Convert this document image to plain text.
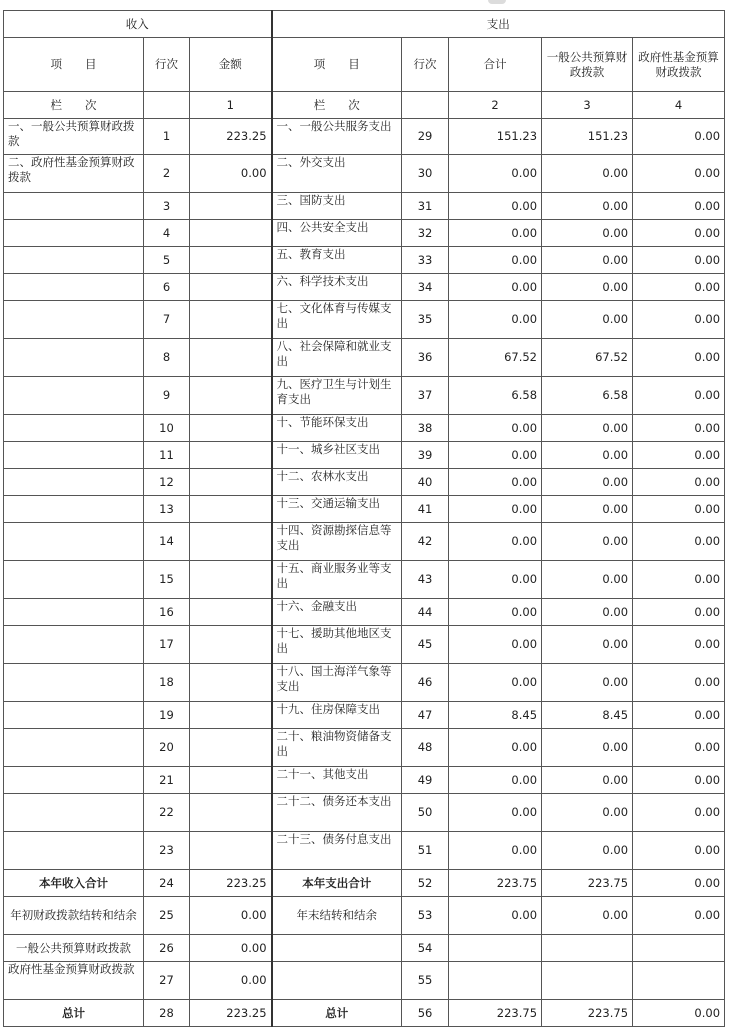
收入			支出				
项　　目	行次	金额	项　　目	行次	合计	一般公共预算财政拨款	政府性基金预算财政拨款
栏　　次		1	栏　　次		2	3	4
一、一般公共预算财政拨款	1	223.25	一、一般公共服务支出	29	151.23	151.23	0.00
二、政府性基金预算财政拨款	2	0.00	二、外交支出	30	0.00	0.00	0.00
	3		三、国防支出	31	0.00	0.00	0.00
	4		四、公共安全支出	32	0.00	0.00	0.00
	5		五、教育支出	33	0.00	0.00	0.00
	6		六、科学技术支出	34	0.00	0.00	0.00
	7		七、文化体育与传媒支出	35	0.00	0.00	0.00
	8		八、社会保障和就业支出	36	67.52	67.52	0.00
	9		九、医疗卫生与计划生育支出	37	6.58	6.58	0.00
	10		十、节能环保支出	38	0.00	0.00	0.00
	11		十一、城乡社区支出	39	0.00	0.00	0.00
	12		十二、农林水支出	40	0.00	0.00	0.00
	13		十三、交通运输支出	41	0.00	0.00	0.00
	14		十四、资源勘探信息等支出	42	0.00	0.00	0.00
	15		十五、商业服务业等支出	43	0.00	0.00	0.00
	16		十六、金融支出	44	0.00	0.00	0.00
	17		十七、援助其他地区支出	45	0.00	0.00	0.00
	18		十八、国土海洋气象等支出	46	0.00	0.00	0.00
	19		十九、住房保障支出	47	8.45	8.45	0.00
	20		二十、粮油物资储备支出	48	0.00	0.00	0.00
	21		二十一、其他支出	49	0.00	0.00	0.00
	22		二十二、债务还本支出	50	0.00	0.00	0.00
	23		二十三、债务付息支出	51	0.00	0.00	0.00
本年收入合计	24	223.25	本年支出合计	52	223.75	223.75	0.00
年初财政拨款结转和结余	25	0.00	年末结转和结余	53	0.00	0.00	0.00
一般公共预算财政拨款	26	0.00		54			
政府性基金预算财政拨款	27	0.00		55			
总计	28	223.25	总计	56	223.75	223.75	0.00
